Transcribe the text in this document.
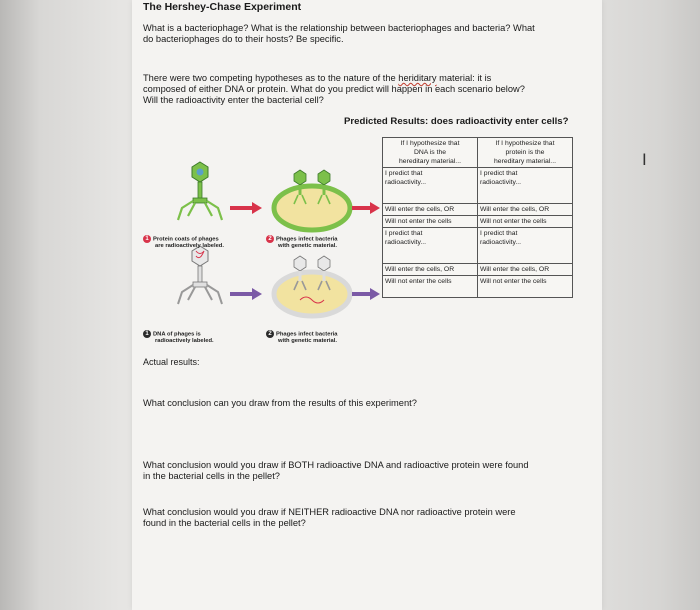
The Hershey-Chase Experiment
What is a bacteriophage? What is the relationship between bacteriophages and bacteria? What
do bacteriophages do to their hosts? Be specific.
There were two competing hypotheses as to the nature of the heriditary material: it is
composed of either DNA or protein. What do you predict will happen in each scenario below?
Will the radioactivity enter the bacterial cell?
Predicted Results: does radioactivity enter cells?
1 Protein coats of phages
are radioactively labeled.
2 Phages infect bacteria
with genetic material.
1 DNA of phages is
radioactively labeled.
2 Phages infect bacteria
with genetic material.
If I hypothesize that
DNA is the
hereditary material...	If I hypothesize that
protein is the
hereditary material...
I predict that
radioactivity...	I predict that
radioactivity...
Will enter the cells, OR	Will enter the cells, OR
Will not enter the cells	Will not enter the cells
I predict that
radioactivity...	I predict that
radioactivity...
Will enter the cells, OR	Will enter the cells, OR
Will not enter the cells	Will not enter the cells
Actual results:
What conclusion can you draw from the results of this experiment?
What conclusion would you draw if BOTH radioactive DNA and radioactive protein were found
in the bacterial cells in the pellet?
What conclusion would you draw if NEITHER radioactive DNA nor radioactive protein were
found in the bacterial cells in the pellet?
I
